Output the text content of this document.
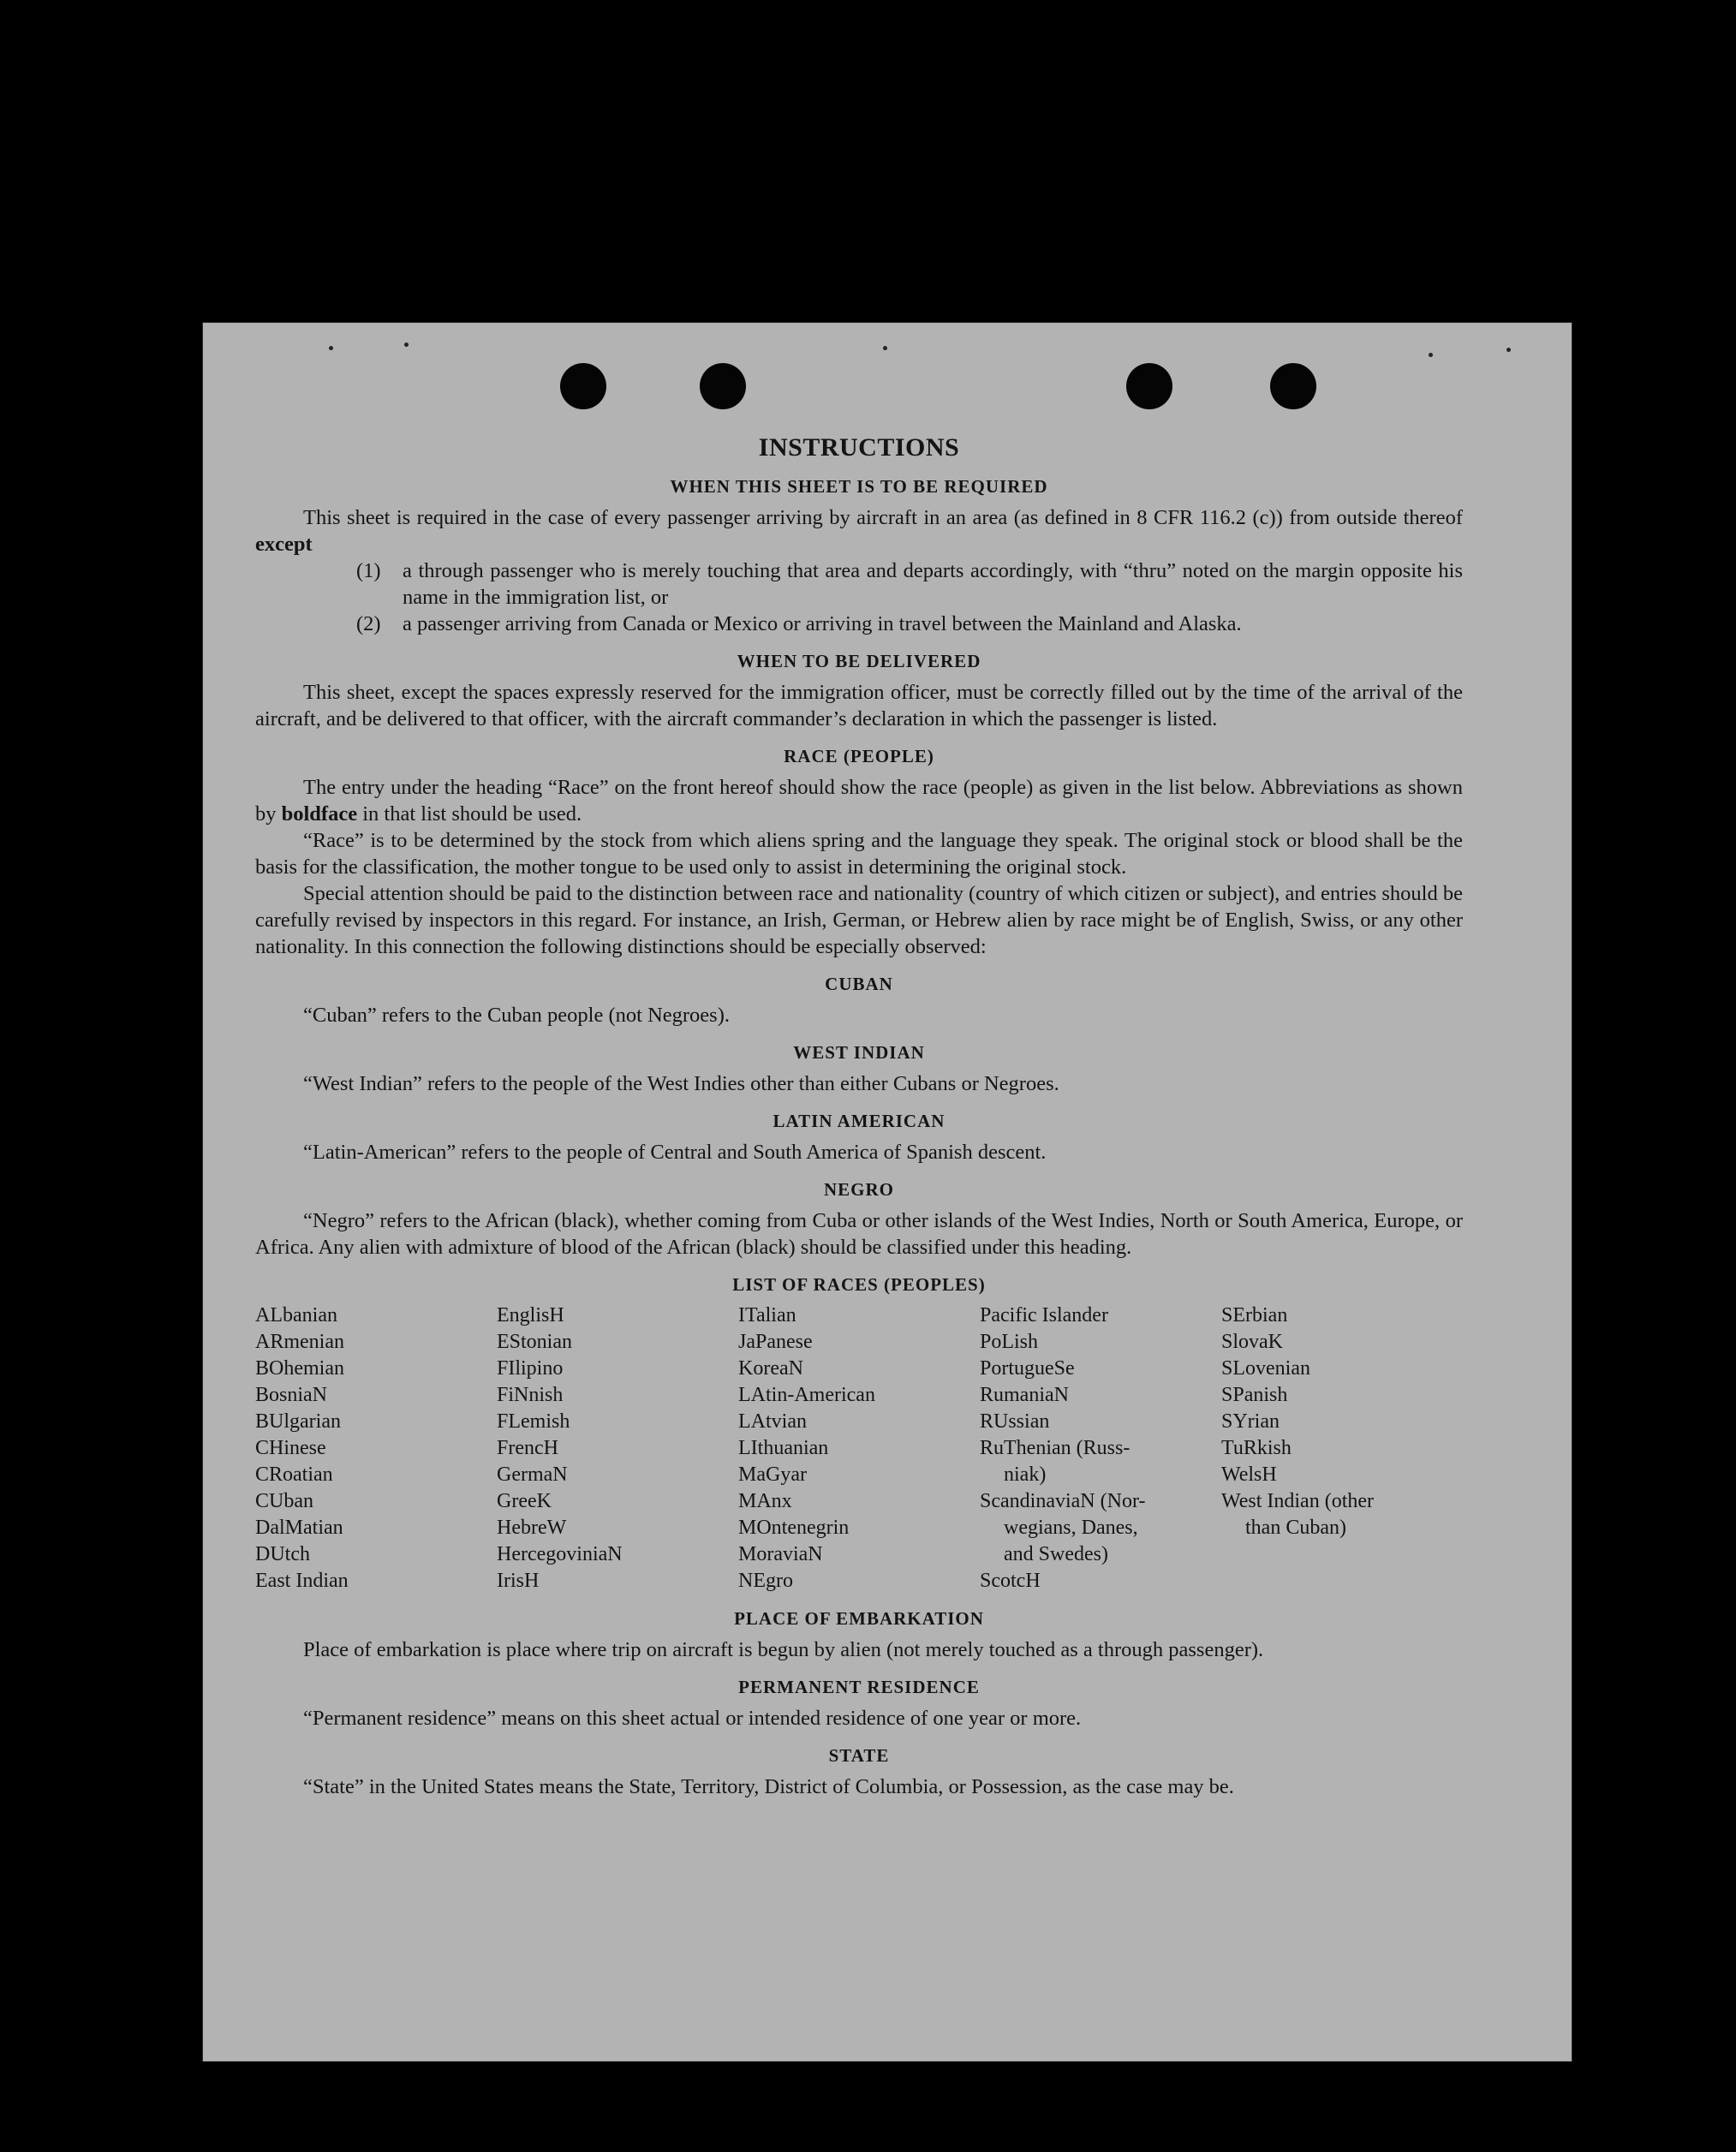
INSTRUCTIONS
WHEN THIS SHEET IS TO BE REQUIRED

This sheet is required in the case of every passenger arriving by aircraft in an area (as defined in 8 CFR 116.2 (c)) from outside thereof except

(1)	a through passenger who is merely touching that area and departs accordingly, with “thru” noted on the margin opposite his name in the immigration list, or

(2)	a passenger arriving from Canada or Mexico or arriving in travel between the Mainland and Alaska.

WHEN TO BE DELIVERED

This sheet, except the spaces expressly reserved for the immigration officer, must be correctly filled out by the time of the arrival of the aircraft, and be delivered to that officer, with the aircraft commander’s declaration in which the passenger is listed.

RACE (PEOPLE)

The entry under the heading “Race” on the front hereof should show the race (people) as given in the list below. Abbreviations as shown by boldface in that list should be used.

“Race” is to be determined by the stock from which aliens spring and the language they speak. The original stock or blood shall be the basis for the classification, the mother tongue to be used only to assist in determining the original stock.

Special attention should be paid to the distinction between race and nationality (country of which citizen or subject), and entries should be carefully revised by inspectors in this regard. For instance, an Irish, German, or Hebrew alien by race might be of English, Swiss, or any other nationality. In this connection the following distinctions should be especially observed:

CUBAN

“Cuban” refers to the Cuban people (not Negroes).

WEST INDIAN

“West Indian” refers to the people of the West Indies other than either Cubans or Negroes.

LATIN AMERICAN

“Latin-American” refers to the people of Central and South America of Spanish descent.

NEGRO

“Negro” refers to the African (black), whether coming from Cuba or other islands of the West Indies, North or South America, Europe, or Africa. Any alien with admixture of blood of the African (black) should be classified under this heading.

LIST OF RACES (PEOPLES)
ALbanian
ARmenian
BOhemian
BosniaN
BUlgarian
CHinese
CRoatian
CUban
DalMatian
DUtch
East Indian
EnglisH
EStonian
FIlipino
FiNnish
FLemish
FrencH
GermaN
GreeK
HebreW
HercegoviniaN
IrisH
ITalian
JaPanese
KoreaN
LAtin-American
LAtvian
LIthuanian
MaGyar
MAnx
MOntenegrin
MoraviaN
NEgro
Pacific Islander
PoLish
PortugueSe
RumaniaN
RUssian
RuThenian (Russ-
niak)
ScandinaviaN (Nor-
wegians, Danes,
and Swedes)
ScotcH
SErbian
SlovaK
SLovenian
SPanish
SYrian
TuRkish
WelsH
West Indian (other
than Cuban)
PLACE OF EMBARKATION

Place of embarkation is place where trip on aircraft is begun by alien (not merely touched as a through passenger).

PERMANENT RESIDENCE

“Permanent residence” means on this sheet actual or intended residence of one year or more.

STATE

“State” in the United States means the State, Territory, District of Columbia, or Possession, as the case may be.
